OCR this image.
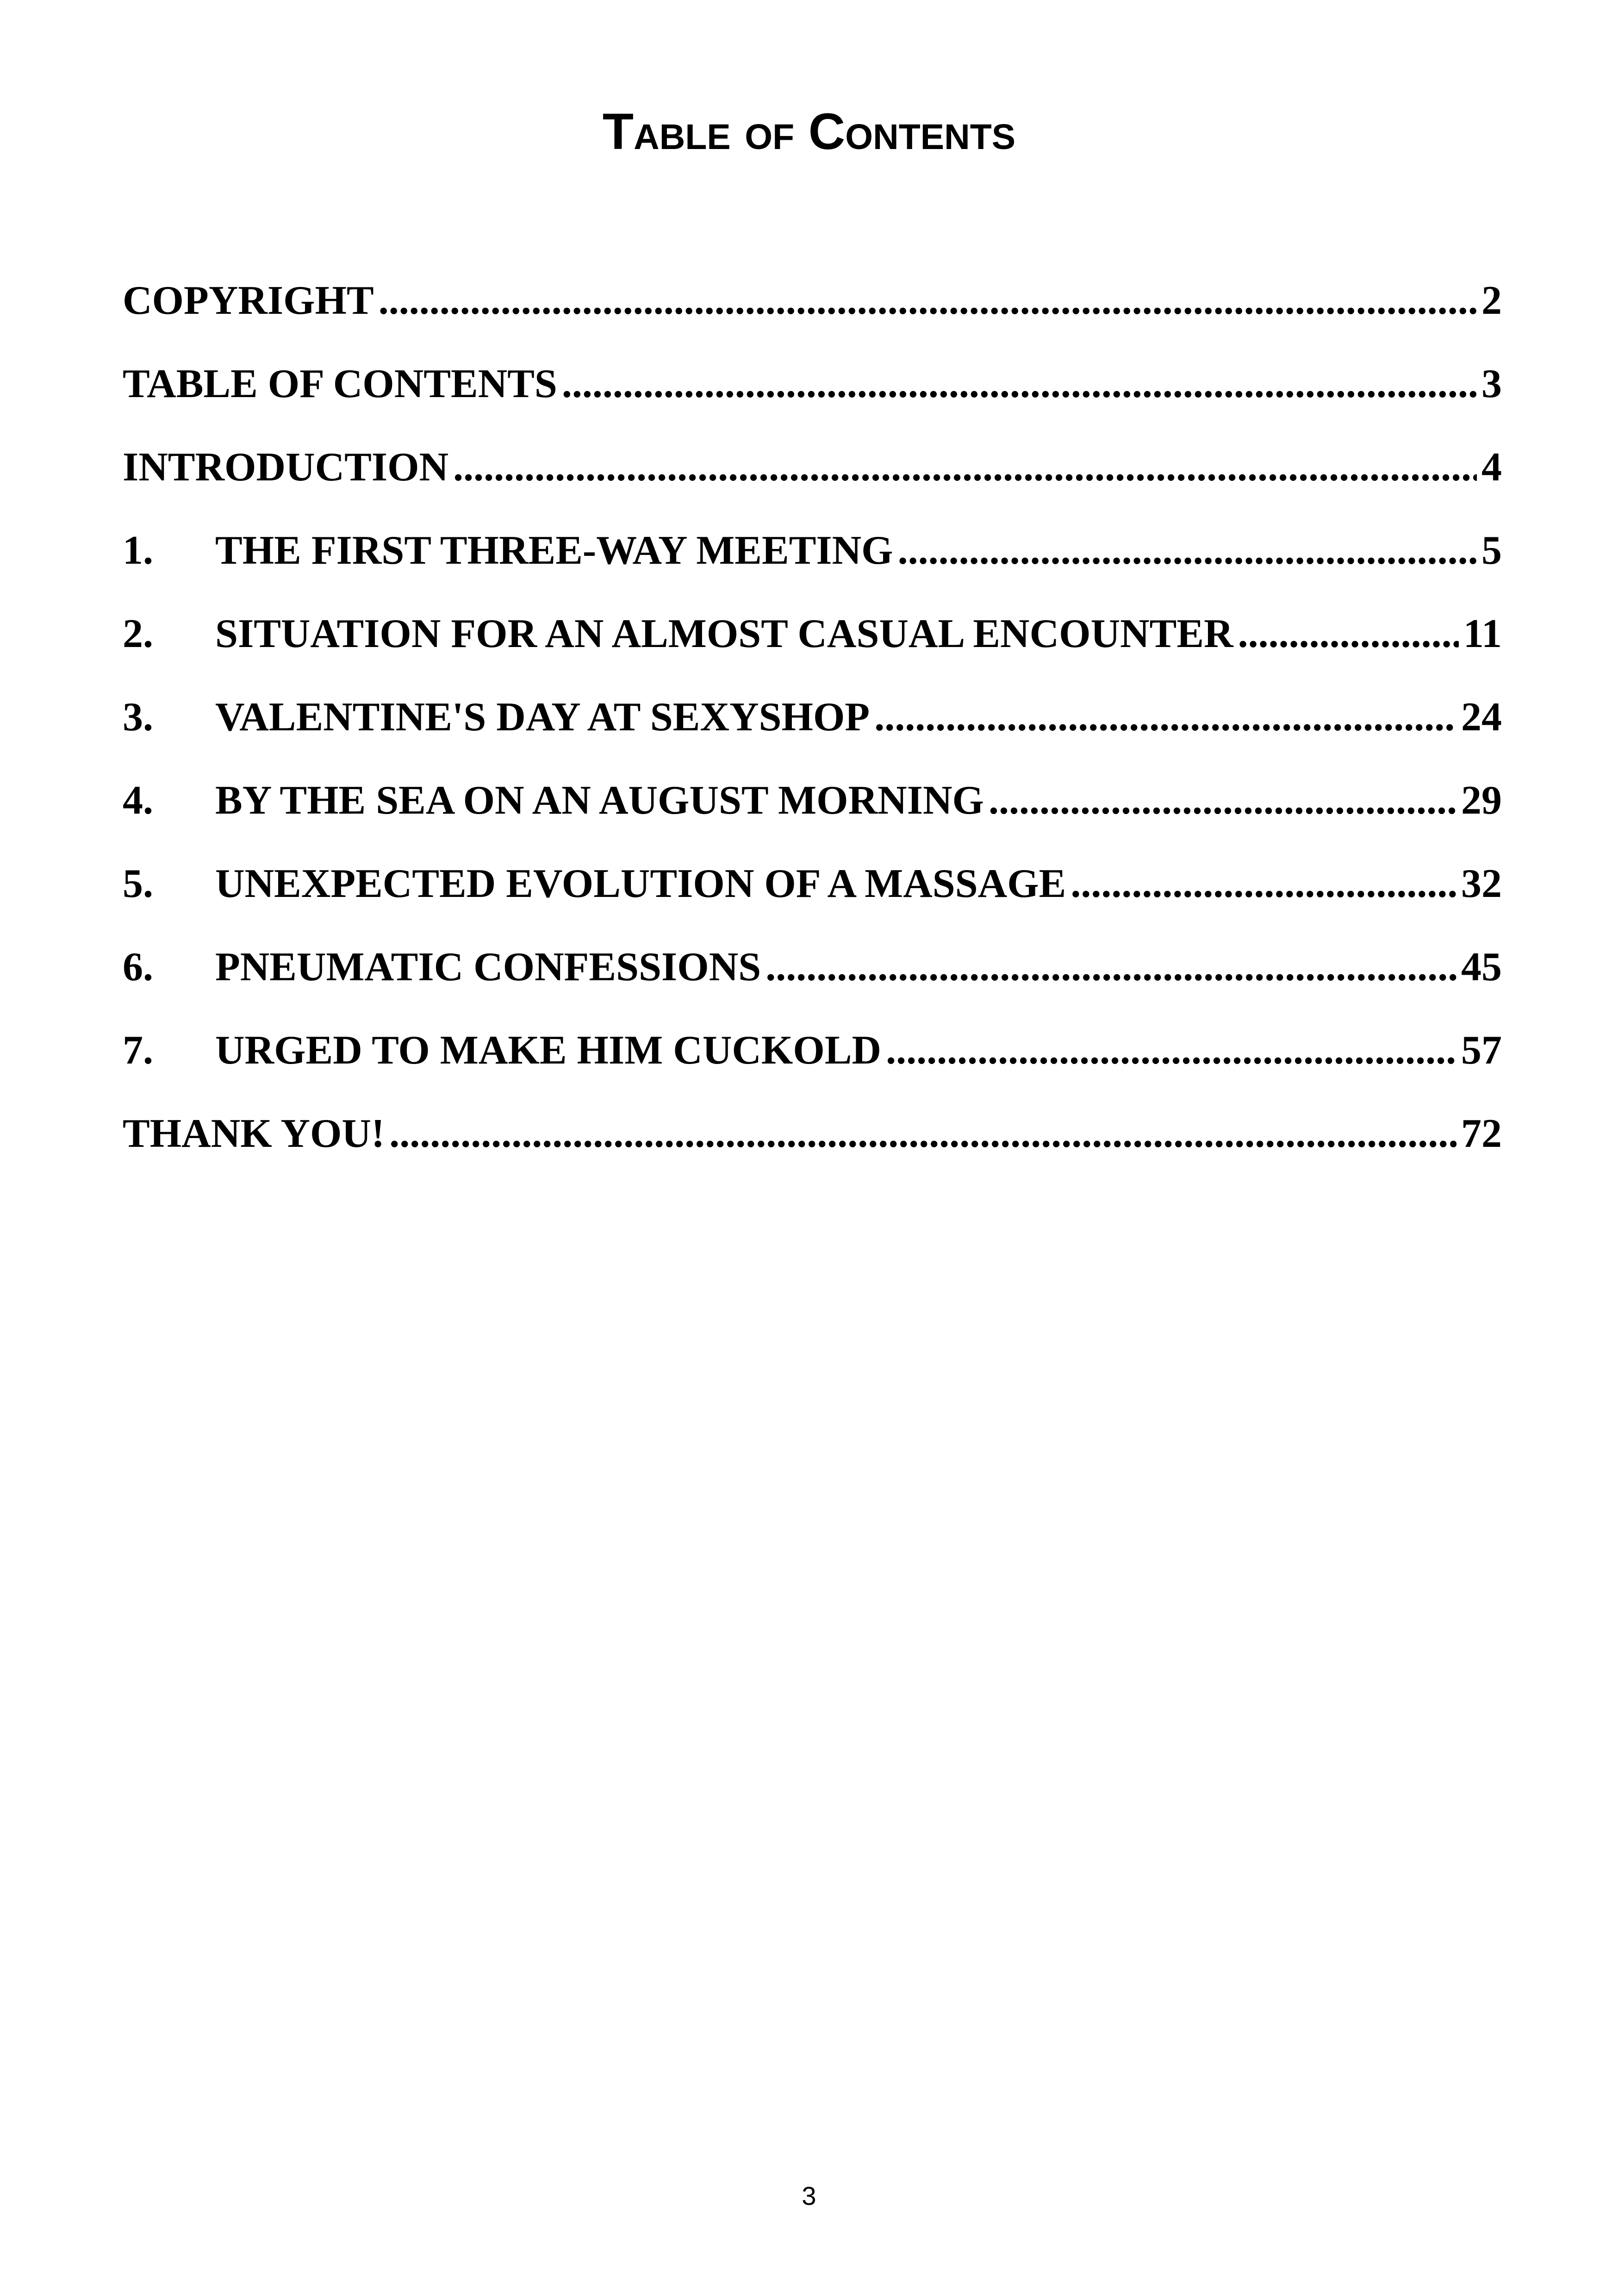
Table of Contents
COPYRIGHT .....	2
TABLE OF CONTENTS .....	3
INTRODUCTION .....	4
1.	THE FIRST THREE-WAY MEETING .....	5
2.	SITUATION FOR AN ALMOST CASUAL ENCOUNTER .....	11
3.	VALENTINE'S DAY AT SEXYSHOP .....	24
4.	BY THE SEA ON AN AUGUST MORNING .....	29
5.	UNEXPECTED EVOLUTION OF A MASSAGE .....	32
6.	PNEUMATIC CONFESSIONS .....	45
7.	URGED TO MAKE HIM CUCKOLD .....	57
THANK YOU! .....	72
3
